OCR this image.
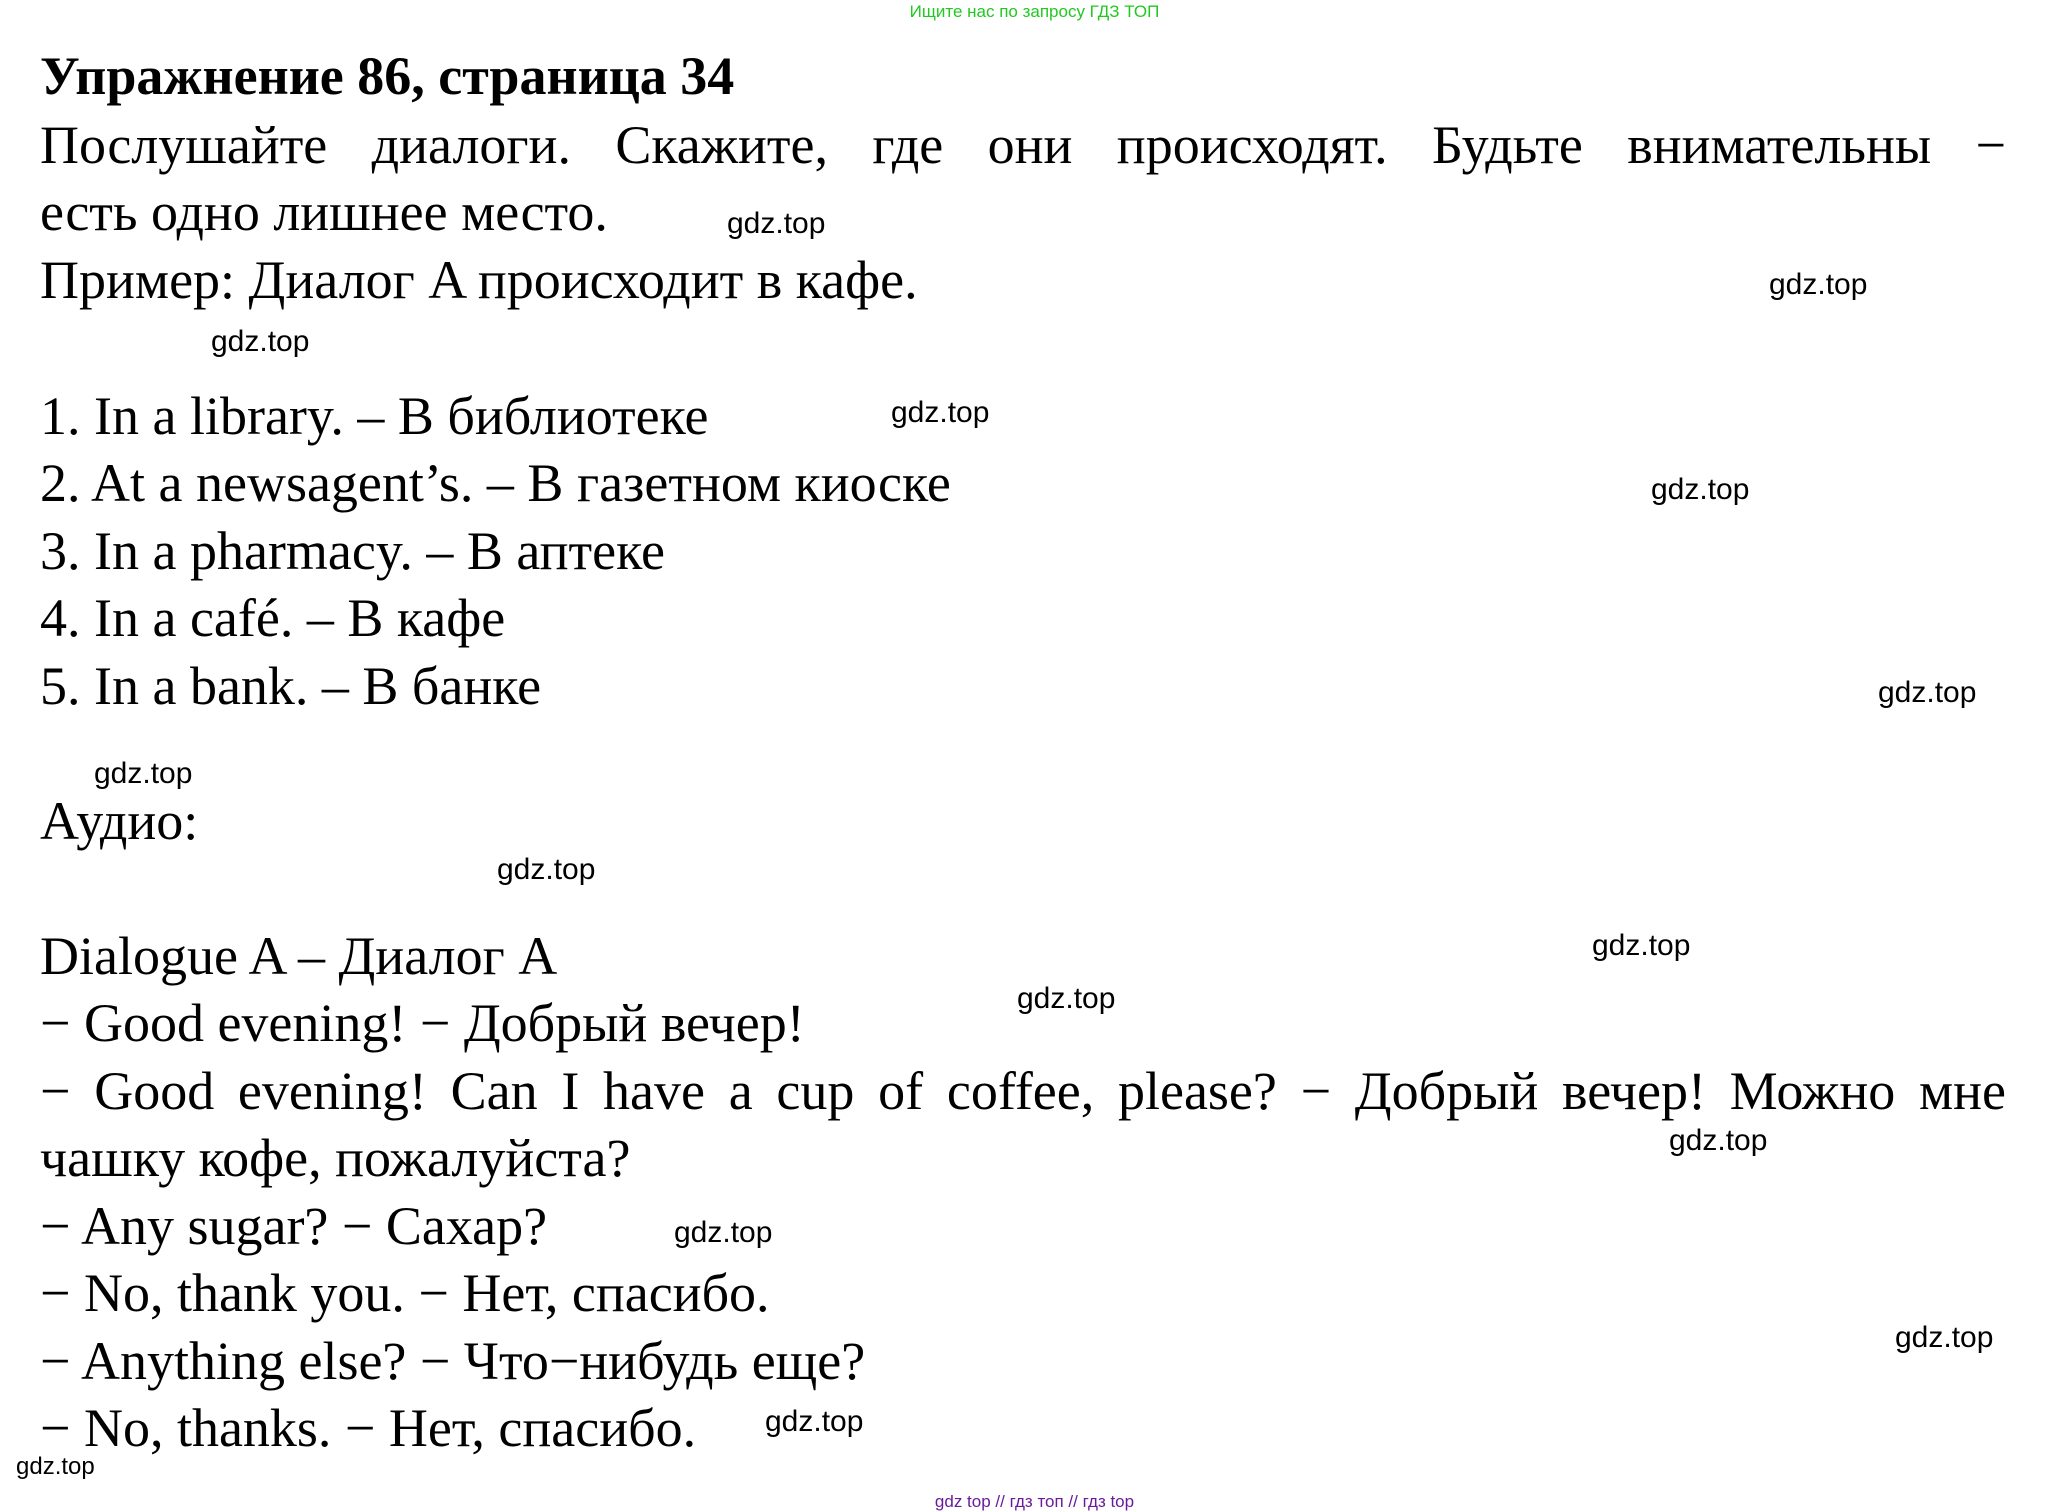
Ищите нас по запросу ГДЗ ТОП
Упражнение 86, страница 34
Послушайте диалоги. Скажите, где они происходят. Будьте внимательны −
есть одно лишнее место.
Пример: Диалог A происходит в кафе.
1. In a library. – В библиотеке
2. At a newsagent’s. – В газетном киоске
3. In a pharmacy. – В аптеке
4. In a café. – В кафе
5. In a bank. – В банке
Аудио:
Dialogue A – Диалог А
− Good evening! − Добрый вечер!
− Good evening! Can I have a cup of coffee, please? − Добрый вечер! Можно мне
чашку кофе, пожалуйста?
− Any sugar? − Сахар?
− No, thank you. − Нет, спасибо.
− Anything else? − Что−нибудь еще?
− No, thanks. − Нет, спасибо.
gdz.top
gdz.top
gdz.top
gdz.top
gdz.top
gdz.top
gdz.top
gdz.top
gdz.top
gdz.top
gdz.top
gdz.top
gdz.top
gdz.top
gdz.top
gdz top // гдз топ // гдз top
